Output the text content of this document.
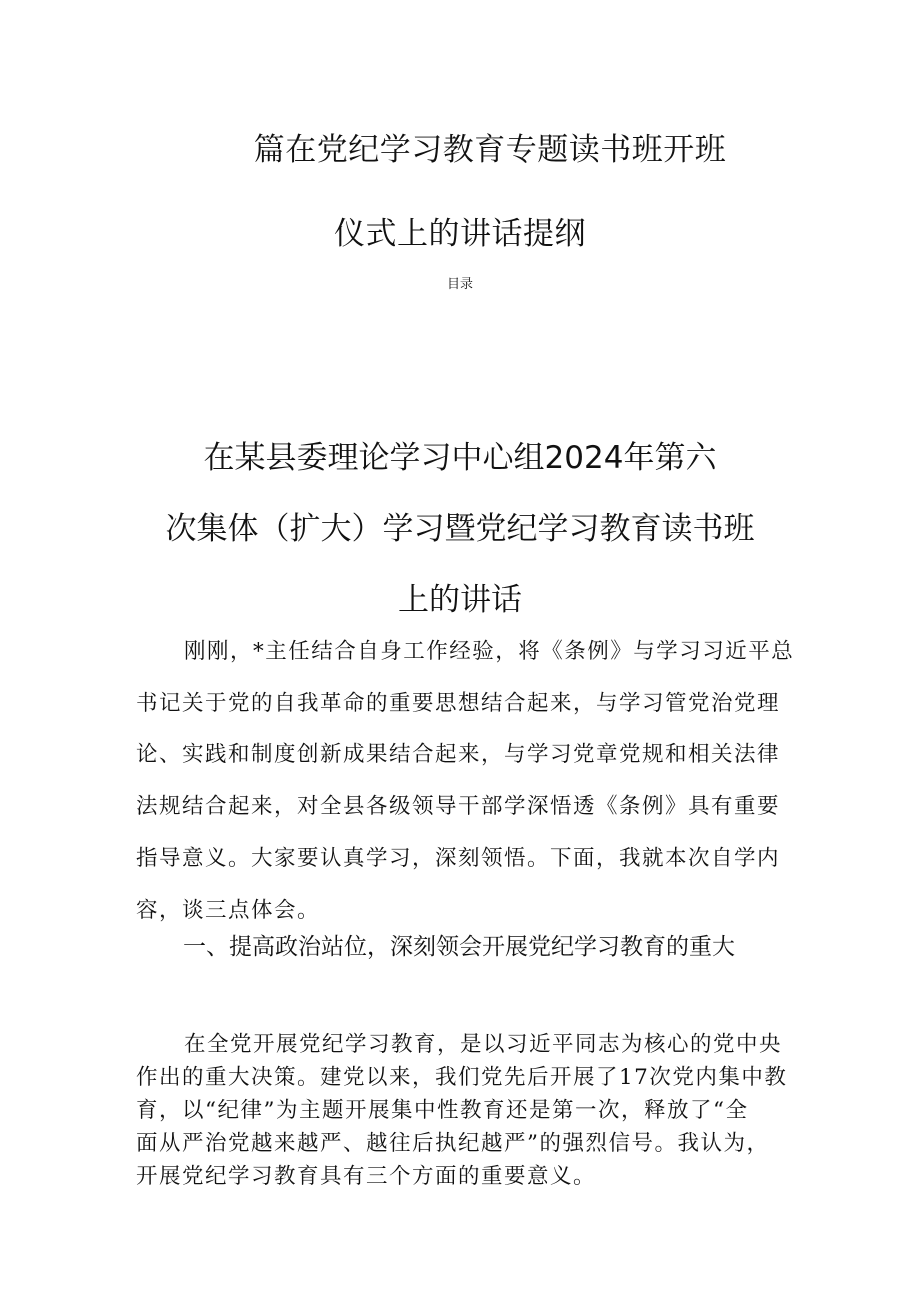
篇在党纪学习教育专题读书班开班
仪式上的讲话提纲
目录
在某县委理论学习中心组2024年第六
次集体（扩大）学习暨党纪学习教育读书班
上的讲话
刚刚，*主任结合自身工作经验，将《条例》与学习习近平总
书记关于党的自我革命的重要思想结合起来，与学习管党治党理
论、实践和制度创新成果结合起来，与学习党章党规和相关法律
法规结合起来，对全县各级领导干部学深悟透《条例》具有重要
指导意义。大家要认真学习，深刻领悟。下面，我就本次自学内
容，谈三点体会。
一、提高政治站位，深刻领会开展党纪学习教育的重大
在全党开展党纪学习教育，是以习近平同志为核心的党中央
作出的重大决策。建党以来，我们党先后开展了17次党内集中教
育，以“纪律”为主题开展集中性教育还是第一次，释放了“全
面从严治党越来越严、越往后执纪越严”的强烈信号。我认为，
开展党纪学习教育具有三个方面的重要意义。
